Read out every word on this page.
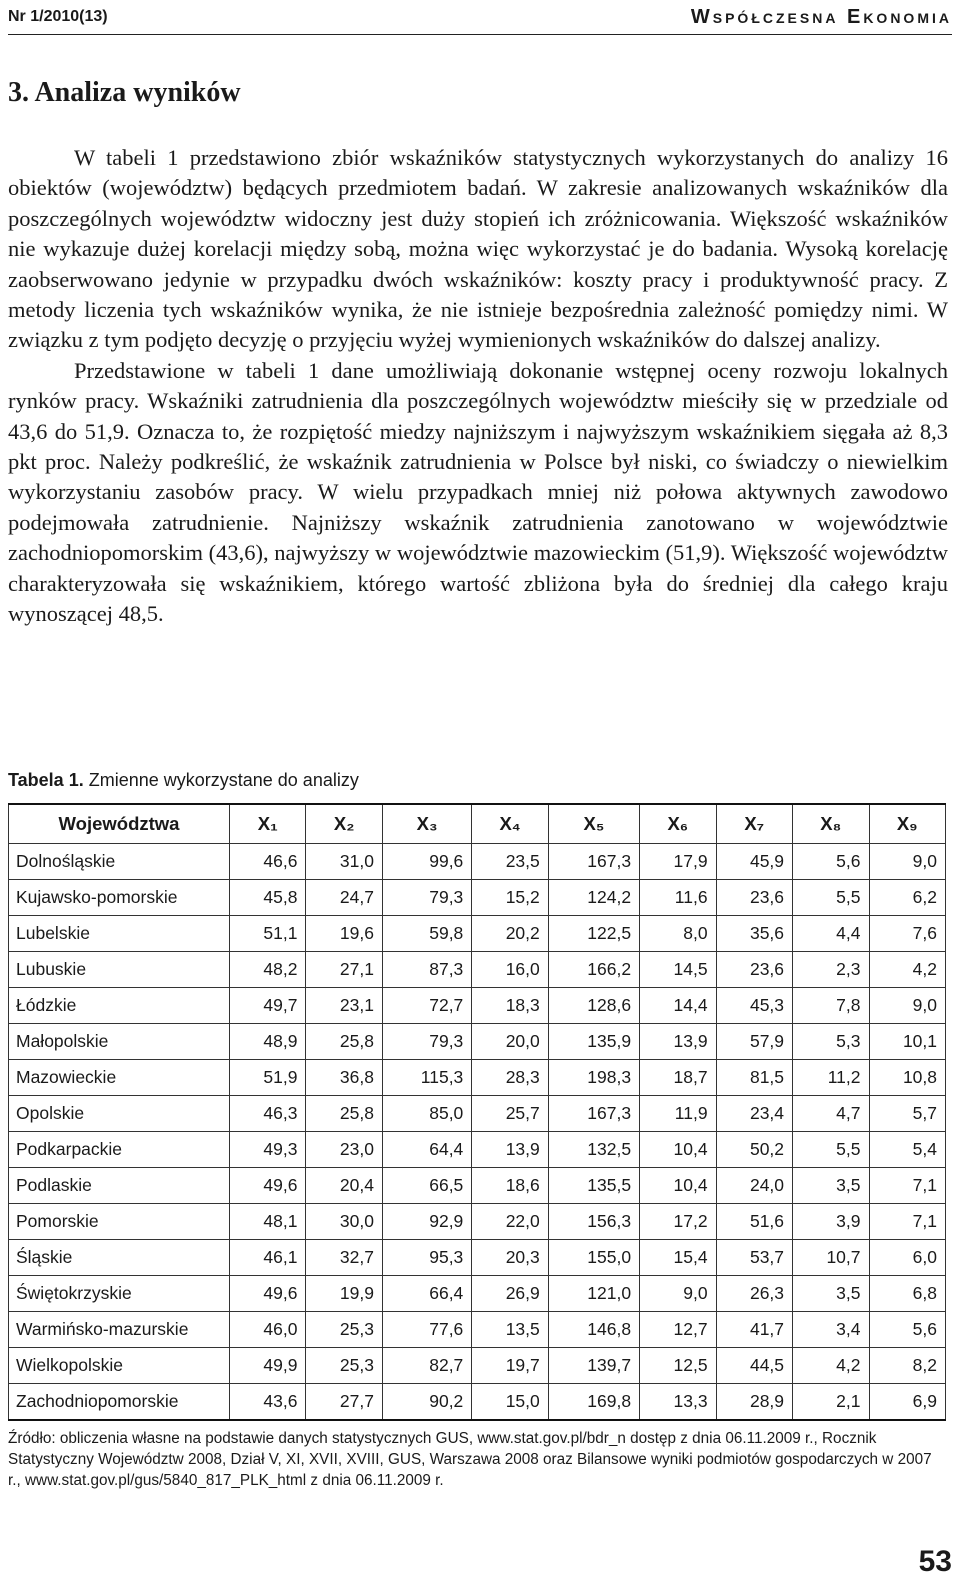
Nr 1/2010(13)	Współczesna Ekonomia
3. Analiza wyników

W tabeli 1 przedstawiono zbiór wskaźników statystycznych wykorzystanych do analizy 16 obiektów (województw) będących przedmiotem badań. W zakresie analizowanych wskaźników dla poszczególnych województw widoczny jest duży stopień ich zróżnicowania. Większość wskaźników nie wykazuje dużej korelacji między sobą, można więc wykorzystać je do badania. Wysoką korelację zaobserwowano jedynie w przypadku dwóch wskaźników: koszty pracy i produktywność pracy. Z metody liczenia tych wskaźników wynika, że nie istnieje bezpośrednia zależność pomiędzy nimi. W związku z tym podjęto decyzję o przyjęciu wyżej wymienionych wskaźników do dalszej analizy.

Przedstawione w tabeli 1 dane umożliwiają dokonanie wstępnej oceny rozwoju lokalnych rynków pracy. Wskaźniki zatrudnienia dla poszczególnych województw mieściły się w przedziale od 43,6 do 51,9. Oznacza to, że rozpiętość miedzy najniższym i najwyższym wskaźnikiem sięgała aż 8,3 pkt proc. Należy podkreślić, że wskaźnik zatrudnienia w Polsce był niski, co świadczy o niewielkim wykorzystaniu zasobów pracy. W wielu przypadkach mniej niż połowa aktywnych zawodowo podejmowała zatrudnienie. Najniższy wskaźnik zatrudnienia zanotowano w województwie zachodniopomorskim (43,6), najwyższy w województwie mazowieckim (51,9). Większość województw charakteryzowała się wskaźnikiem, którego wartość zbliżona była do średniej dla całego kraju wynoszącej 48,5.

Tabela 1. Zmienne wykorzystane do analizy
Województwa	X₁	X₂	X₃	X₄	X₅	X₆	X₇	X₈	X₉
Dolnośląskie	46,6	31,0	99,6	23,5	167,3	17,9	45,9	5,6	9,0
Kujawsko-pomorskie	45,8	24,7	79,3	15,2	124,2	11,6	23,6	5,5	6,2
Lubelskie	51,1	19,6	59,8	20,2	122,5	8,0	35,6	4,4	7,6
Lubuskie	48,2	27,1	87,3	16,0	166,2	14,5	23,6	2,3	4,2
Łódzkie	49,7	23,1	72,7	18,3	128,6	14,4	45,3	7,8	9,0
Małopolskie	48,9	25,8	79,3	20,0	135,9	13,9	57,9	5,3	10,1
Mazowieckie	51,9	36,8	115,3	28,3	198,3	18,7	81,5	11,2	10,8
Opolskie	46,3	25,8	85,0	25,7	167,3	11,9	23,4	4,7	5,7
Podkarpackie	49,3	23,0	64,4	13,9	132,5	10,4	50,2	5,5	5,4
Podlaskie	49,6	20,4	66,5	18,6	135,5	10,4	24,0	3,5	7,1
Pomorskie	48,1	30,0	92,9	22,0	156,3	17,2	51,6	3,9	7,1
Śląskie	46,1	32,7	95,3	20,3	155,0	15,4	53,7	10,7	6,0
Świętokrzyskie	49,6	19,9	66,4	26,9	121,0	9,0	26,3	3,5	6,8
Warmińsko-mazurskie	46,0	25,3	77,6	13,5	146,8	12,7	41,7	3,4	5,6
Wielkopolskie	49,9	25,3	82,7	19,7	139,7	12,5	44,5	4,2	8,2
Zachodniopomorskie	43,6	27,7	90,2	15,0	169,8	13,3	28,9	2,1	6,9
Źródło: obliczenia własne na podstawie danych statystycznych GUS, www.stat.gov.pl/bdr_n dostęp z dnia 06.11.2009 r., Rocznik Statystyczny Województw 2008, Dział V, XI, XVII, XVIII, GUS, Warszawa 2008 oraz Bilansowe wyniki podmiotów gospodarczych w 2007 r., www.stat.gov.pl/gus/5840_817_PLK_html z dnia 06.11.2009 r.
53
